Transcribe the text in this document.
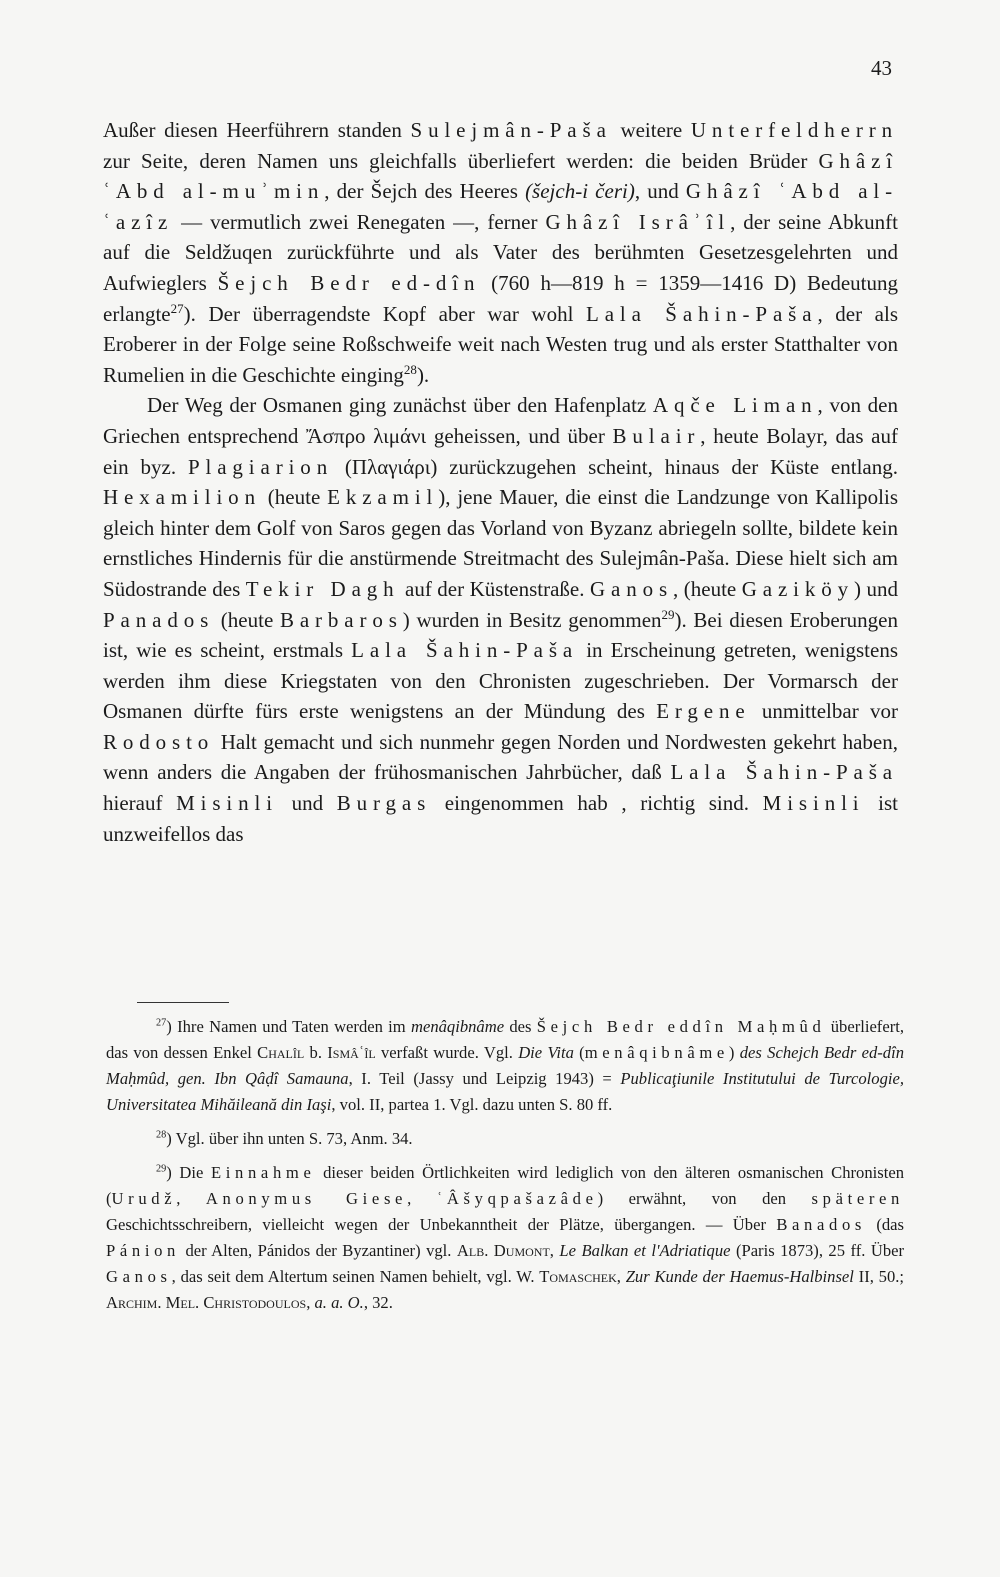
43

Außer diesen Heerführern standen Sulejmân-Paša weitere Unterfeldherrn zur Seite, deren Namen uns gleichfalls überliefert werden: die beiden Brüder Ghâzî ʿAbd al-muʾmin, der Šejch des Heeres (šejch-i čeri), und Ghâzî ʿAbd al-ʿazîz — vermutlich zwei Renegaten —, ferner Ghâzî Isrâʾîl, der seine Abkunft auf die Seldžuqen zurückführte und als Vater des berühmten Gesetzesgelehrten und Aufwieglers Šejch Bedr ed-dîn (760 h—819 h = 1359—1416 D) Bedeutung erlangte$^{27}$). Der überragendste Kopf aber war wohl Lala Šahin-Paša, der als Eroberer in der Folge seine Roßschweife weit nach Westen trug und als erster Statthalter von Rumelien in die Geschichte einging$^{28}$).

Der Weg der Osmanen ging zunächst über den Hafenplatz Aqče Liman, von den Griechen entsprechend Ἄσπρο λιμάνι geheissen, und über Bulair, heute Bolayr, das auf ein byz. Plagiarion (Πλαγιάρι) zurückzugehen scheint, hinaus der Küste entlang. Hexamilion (heute Ekzamil), jene Mauer, die einst die Landzunge von Kallipolis gleich hinter dem Golf von Saros gegen das Vorland von Byzanz abriegeln sollte, bildete kein ernstliches Hindernis für die anstürmende Streitmacht des Sulejmân-Paša. Diese hielt sich am Südostrande des Tekir Dagh auf der Küstenstraße. Ganos, (heute Gaziköy) und Panados (heute Barbaros) wurden in Besitz genommen$^{29}$). Bei diesen Eroberungen ist, wie es scheint, erstmals Lala Šahin-Paša in Erscheinung getreten, wenigstens werden ihm diese Kriegstaten von den Chronisten zugeschrieben. Der Vormarsch der Osmanen dürfte fürs erste wenigstens an der Mündung des Ergene unmittelbar vor Rodosto Halt gemacht und sich nunmehr gegen Norden und Nordwesten gekehrt haben, wenn anders die Angaben der frühosmanischen Jahrbücher, daß Lala Šahin-Paša hierauf Misinli und Burgas eingenommen hab , richtig sind. Misinli ist unzweifellos das

$^{27}$) Ihre Namen und Taten werden im menâqibnâme des Šejch Bedr eddîn Maḥmûd überliefert, das von dessen Enkel Chalîl b. Ismâʿîl verfaßt wurde. Vgl. Die Vita (menâqibnâme) des Schejch Bedr ed-dîn Maḥmûd, gen. Ibn Qâḍî Samauna, I. Teil (Jassy und Leipzig 1943) = Publicaţiunile Institutului de Turcologie, Universitatea Mihăileană din Iaşi, vol. II, partea 1. Vgl. dazu unten S. 80 ff.

$^{28}$) Vgl. über ihn unten S. 73, Anm. 34.

$^{29}$) Die Einnahme dieser beiden Örtlichkeiten wird lediglich von den älteren osmanischen Chronisten (Urudž, Anonymus Giese, ʿÂšyqpašazâde) erwähnt, von den späteren Geschichtsschreibern, vielleicht wegen der Unbekanntheit der Plätze, übergangen. — Über Banados (das Pánion der Alten, Pánidos der Byzantiner) vgl. Alb. Dumont, Le Balkan et l'Adriatique (Paris 1873), 25 ff. Über Ganos, das seit dem Altertum seinen Namen behielt, vgl. W. Tomaschek, Zur Kunde der Haemus-Halbinsel II, 50.; Archim. Mel. Christodoulos, a. a. O., 32.
